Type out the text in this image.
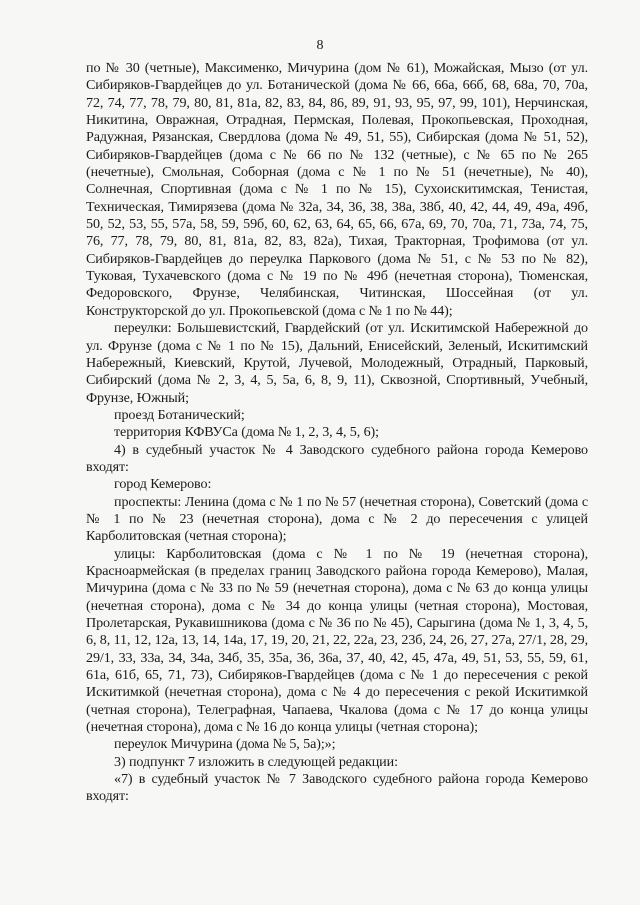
8

по № 30 (четные), Максименко, Мичурина (дом № 61), Можайская, Мызо (от ул. Сибиряков-Гвардейцев до ул. Ботанической (дома № 66, 66а, 66б, 68, 68а, 70, 70а, 72, 74, 77, 78, 79, 80, 81, 81а, 82, 83, 84, 86, 89, 91, 93, 95, 97, 99, 101), Нерчинская, Никитина, Овражная, Отрадная, Пермская, Полевая, Прокопьевская, Проходная, Радужная, Рязанская, Свердлова (дома № 49, 51, 55), Сибирская (дома № 51, 52), Сибиряков-Гвардейцев (дома с № 66 по № 132 (четные), с № 65 по № 265 (нечетные), Смольная, Соборная (дома с № 1 по № 51 (нечетные), № 40), Солнечная, Спортивная (дома с № 1 по № 15), Сухоискитимская, Тенистая, Техническая, Тимирязева (дома № 32а, 34, 36, 38, 38а, 38б, 40, 42, 44, 49, 49а, 49б, 50, 52, 53, 55, 57а, 58, 59, 59б, 60, 62, 63, 64, 65, 66, 67а, 69, 70, 70а, 71, 73а, 74, 75, 76, 77, 78, 79, 80, 81, 81а, 82, 83, 82а), Тихая, Тракторная, Трофимова (от ул. Сибиряков-Гвардейцев до переулка Паркового (дома № 51, с № 53 по № 82), Туковая, Тухачевского (дома с № 19 по № 49б (нечетная сторона), Тюменская, Федоровского, Фрунзе, Челябинская, Читинская, Шоссейная (от ул. Конструкторской до ул. Прокопьевской (дома с № 1 по № 44);

переулки: Большевистский, Гвардейский (от ул. Искитимской Набережной до ул. Фрунзе (дома с № 1 по № 15), Дальний, Енисейский, Зеленый, Искитимский Набережный, Киевский, Крутой, Лучевой, Молодежный, Отрадный, Парковый, Сибирский (дома № 2, 3, 4, 5, 5а, 6, 8, 9, 11), Сквозной, Спортивный, Учебный, Фрунзе, Южный;

проезд Ботанический;

территория КФВУСа (дома № 1, 2, 3, 4, 5, 6);

4) в судебный участок № 4 Заводского судебного района города Кемерово входят:

город Кемерово:

проспекты: Ленина (дома с № 1 по № 57 (нечетная сторона), Советский (дома с № 1 по № 23 (нечетная сторона), дома с № 2 до пересечения с улицей Карболитовская (четная сторона);

улицы: Карболитовская (дома с № 1 по № 19 (нечетная сторона), Красноармейская (в пределах границ Заводского района города Кемерово), Малая, Мичурина (дома с № 33 по № 59 (нечетная сторона), дома с № 63 до конца улицы (нечетная сторона), дома с № 34 до конца улицы (четная сторона), Мостовая, Пролетарская, Рукавишникова (дома с № 36 по № 45), Сарыгина (дома № 1, 3, 4, 5, 6, 8, 11, 12, 12а, 13, 14, 14а, 17, 19, 20, 21, 22, 22а, 23, 23б, 24, 26, 27, 27а, 27/1, 28, 29, 29/1, 33, 33а, 34, 34а, 34б, 35, 35а, 36, 36а, 37, 40, 42, 45, 47а, 49, 51, 53, 55, 59, 61, 61а, 61б, 65, 71, 73), Сибиряков-Гвардейцев (дома с № 1 до пересечения с рекой Искитимкой (нечетная сторона), дома с № 4 до пересечения с рекой Искитимкой (четная сторона), Телеграфная, Чапаева, Чкалова (дома с № 17 до конца улицы (нечетная сторона), дома с № 16 до конца улицы (четная сторона);

переулок Мичурина (дома № 5, 5а);»;

3) подпункт 7 изложить в следующей редакции:

«7) в судебный участок № 7 Заводского судебного района города Кемерово входят:
